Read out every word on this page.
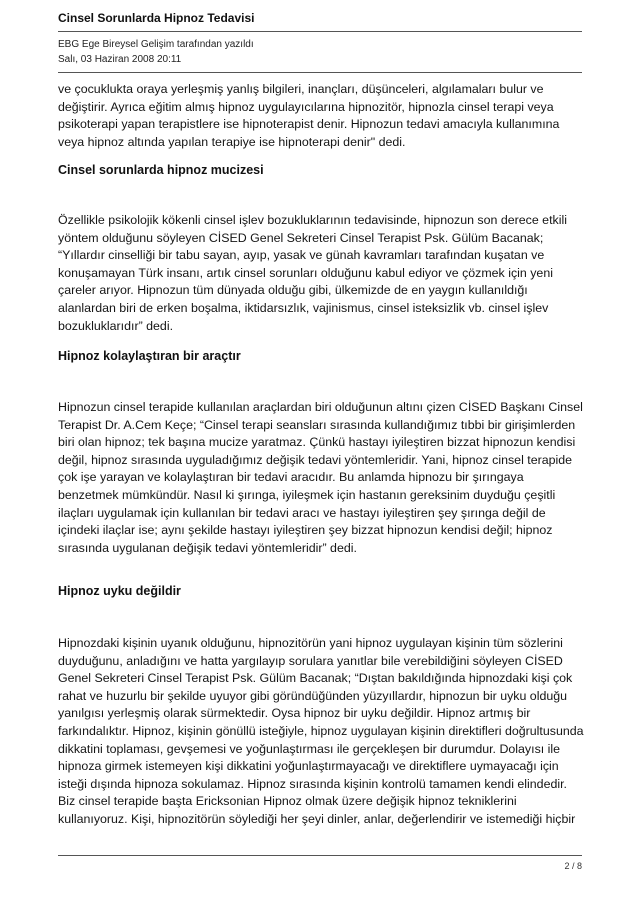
Cinsel Sorunlarda Hipnoz Tedavisi
EBG Ege Bireysel Gelişim tarafından yazıldı
Salı, 03 Haziran 2008 20:11
ve çocuklukta oraya yerleşmiş yanlış bilgileri, inançları, düşünceleri, algılamaları bulur ve
değiştirir. Ayrıca eğitim almış hipnoz uygulayıcılarına hipnozitör, hipnozla cinsel terapi veya
psikoterapi yapan terapistlere ise hipnoterapist denir. Hipnozun tedavi amacıyla kullanımına
veya hipnoz altında yapılan terapiye ise hipnoterapi denir" dedi.
Cinsel sorunlarda hipnoz mucizesi
Özellikle psikolojik kökenli cinsel işlev bozukluklarının tedavisinde, hipnozun son derece etkili
yöntem olduğunu söyleyen CİSED Genel Sekreteri Cinsel Terapist Psk. Gülüm Bacanak;
“Yıllardır cinselliği bir tabu sayan, ayıp, yasak ve günah kavramları tarafından kuşatan ve
konuşamayan Türk insanı, artık cinsel sorunları olduğunu kabul ediyor ve çözmek için yeni
çareler arıyor. Hipnozun tüm dünyada olduğu gibi, ülkemizde de en yaygın kullanıldığı
alanlardan biri de erken boşalma, iktidarsızlık, vajinismus, cinsel isteksizlik vb. cinsel işlev
bozukluklarıdır” dedi.
Hipnoz kolaylaştıran bir araçtır
Hipnozun cinsel terapide kullanılan araçlardan biri olduğunun altını çizen CİSED Başkanı Cinsel
Terapist Dr. A.Cem Keçe; “Cinsel terapi seansları sırasında kullandığımız tıbbi bir girişimlerden
biri olan hipnoz; tek başına mucize yaratmaz. Çünkü hastayı iyileştiren bizzat hipnozun kendisi
değil, hipnoz sırasında uyguladığımız değişik tedavi yöntemleridir. Yani, hipnoz cinsel terapide
çok işe yarayan ve kolaylaştıran bir tedavi aracıdır. Bu anlamda hipnozu bir şırıngaya
benzetmek mümkündür. Nasıl ki şırınga, iyileşmek için hastanın gereksinim duyduğu çeşitli
ilaçları uygulamak için kullanılan bir tedavi aracı ve hastayı iyileştiren şey şırınga değil de
içindeki ilaçlar ise; aynı şekilde hastayı iyileştiren şey bizzat hipnozun kendisi değil; hipnoz
sırasında uygulanan değişik tedavi yöntemleridir” dedi.
Hipnoz uyku değildir
Hipnozdaki kişinin uyanık olduğunu, hipnozitörün yani hipnoz uygulayan kişinin tüm sözlerini
duyduğunu, anladığını ve hatta yargılayıp sorulara yanıtlar bile verebildiğini söyleyen CİSED
Genel Sekreteri Cinsel Terapist Psk. Gülüm Bacanak; “Dıştan bakıldığında hipnozdaki kişi çok
rahat ve huzurlu bir şekilde uyuyor gibi göründüğünden yüzyıllardır, hipnozun bir uyku olduğu
yanılgısı yerleşmiş olarak sürmektedir. Oysa hipnoz bir uyku değildir. Hipnoz artmış bir
farkındalıktır. Hipnoz, kişinin gönüllü isteğiyle, hipnoz uygulayan kişinin direktifleri doğrultusunda
dikkatini toplaması, gevşemesi ve yoğunlaştırması ile gerçekleşen bir durumdur. Dolayısı ile
hipnoza girmek istemeyen kişi dikkatini yoğunlaştırmayacağı ve direktiflere uymayacağı için
isteği dışında hipnoza sokulamaz. Hipnoz sırasında kişinin kontrolü tamamen kendi elindedir.
Biz cinsel terapide başta Ericksonian Hipnoz olmak üzere değişik hipnoz tekniklerini
kullanıyoruz. Kişi, hipnozitörün söylediği her şeyi dinler, anlar, değerlendirir ve istemediği hiçbir
2 / 8
